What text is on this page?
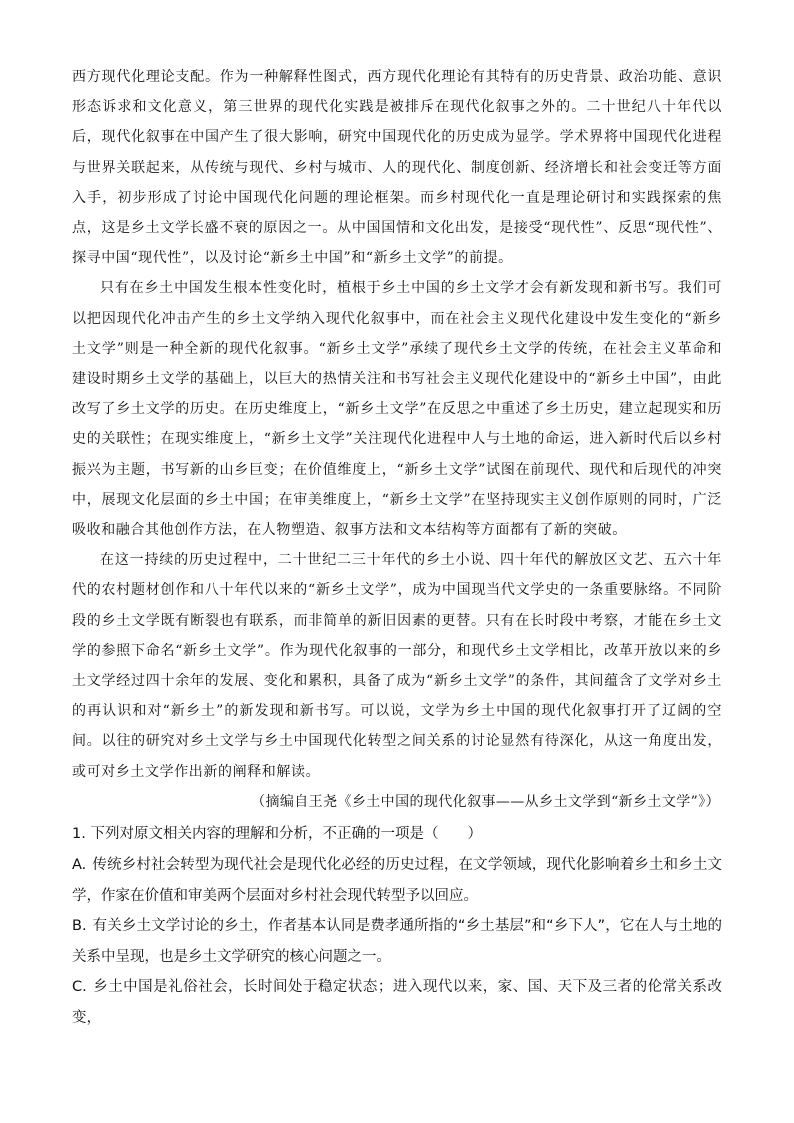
西方现代化理论支配。作为一种解释性图式，西方现代化理论有其特有的历史背景、政治功能、意识形态诉求和文化意义，第三世界的现代化实践是被排斥在现代化叙事之外的。二十世纪八十年代以后，现代化叙事在中国产生了很大影响，研究中国现代化的历史成为显学。学术界将中国现代化进程与世界关联起来，从传统与现代、乡村与城市、人的现代化、制度创新、经济增长和社会变迁等方面入手，初步形成了讨论中国现代化问题的理论框架。而乡村现代化一直是理论研讨和实践探索的焦点，这是乡土文学长盛不衰的原因之一。从中国国情和文化出发，是接受“现代性”、反思“现代性”、探寻中国“现代性”，以及讨论“新乡土中国”和“新乡土文学”的前提。

只有在乡土中国发生根本性变化时，植根于乡土中国的乡土文学才会有新发现和新书写。我们可以把因现代化冲击产生的乡土文学纳入现代化叙事中，而在社会主义现代化建设中发生变化的“新乡土文学”则是一种全新的现代化叙事。“新乡土文学”承续了现代乡土文学的传统，在社会主义革命和建设时期乡土文学的基础上，以巨大的热情关注和书写社会主义现代化建设中的“新乡土中国”，由此改写了乡土文学的历史。在历史维度上，“新乡土文学”在反思之中重述了乡土历史，建立起现实和历史的关联性；在现实维度上，“新乡土文学”关注现代化进程中人与土地的命运，进入新时代后以乡村振兴为主题，书写新的山乡巨变；在价值维度上，“新乡土文学”试图在前现代、现代和后现代的冲突中，展现文化层面的乡土中国；在审美维度上，“新乡土文学”在坚持现实主义创作原则的同时，广泛吸收和融合其他创作方法，在人物塑造、叙事方法和文本结构等方面都有了新的突破。

在这一持续的历史过程中，二十世纪二三十年代的乡土小说、四十年代的解放区文艺、五六十年代的农村题材创作和八十年代以来的“新乡土文学”，成为中国现当代文学史的一条重要脉络。不同阶段的乡土文学既有断裂也有联系，而非简单的新旧因素的更替。只有在长时段中考察，才能在乡土文学的参照下命名“新乡土文学”。作为现代化叙事的一部分，和现代乡土文学相比，改革开放以来的乡土文学经过四十余年的发展、变化和累积，具备了成为“新乡土文学”的条件，其间蕴含了文学对乡土的再认识和对“新乡土”的新发现和新书写。可以说，文学为乡土中国的现代化叙事打开了辽阔的空间。以往的研究对乡土文学与乡土中国现代化转型之间关系的讨论显然有待深化，从这一角度出发，或可对乡土文学作出新的阐释和解读。

（摘编自王尧《乡土中国的现代化叙事——从乡土文学到“新乡土文学”》）

1. 下列对原文相关内容的理解和分析，不正确的一项是（　　）

A. 传统乡村社会转型为现代社会是现代化必经的历史过程，在文学领域，现代化影响着乡土和乡土文学，作家在价值和审美两个层面对乡村社会现代转型予以回应。

B. 有关乡土文学讨论的乡土，作者基本认同是费孝通所指的“乡土基层”和“乡下人”，它在人与土地的关系中呈现，也是乡土文学研究的核心问题之一。

C. 乡土中国是礼俗社会，长时间处于稳定状态；进入现代以来，家、国、天下及三者的伦常关系改变，
